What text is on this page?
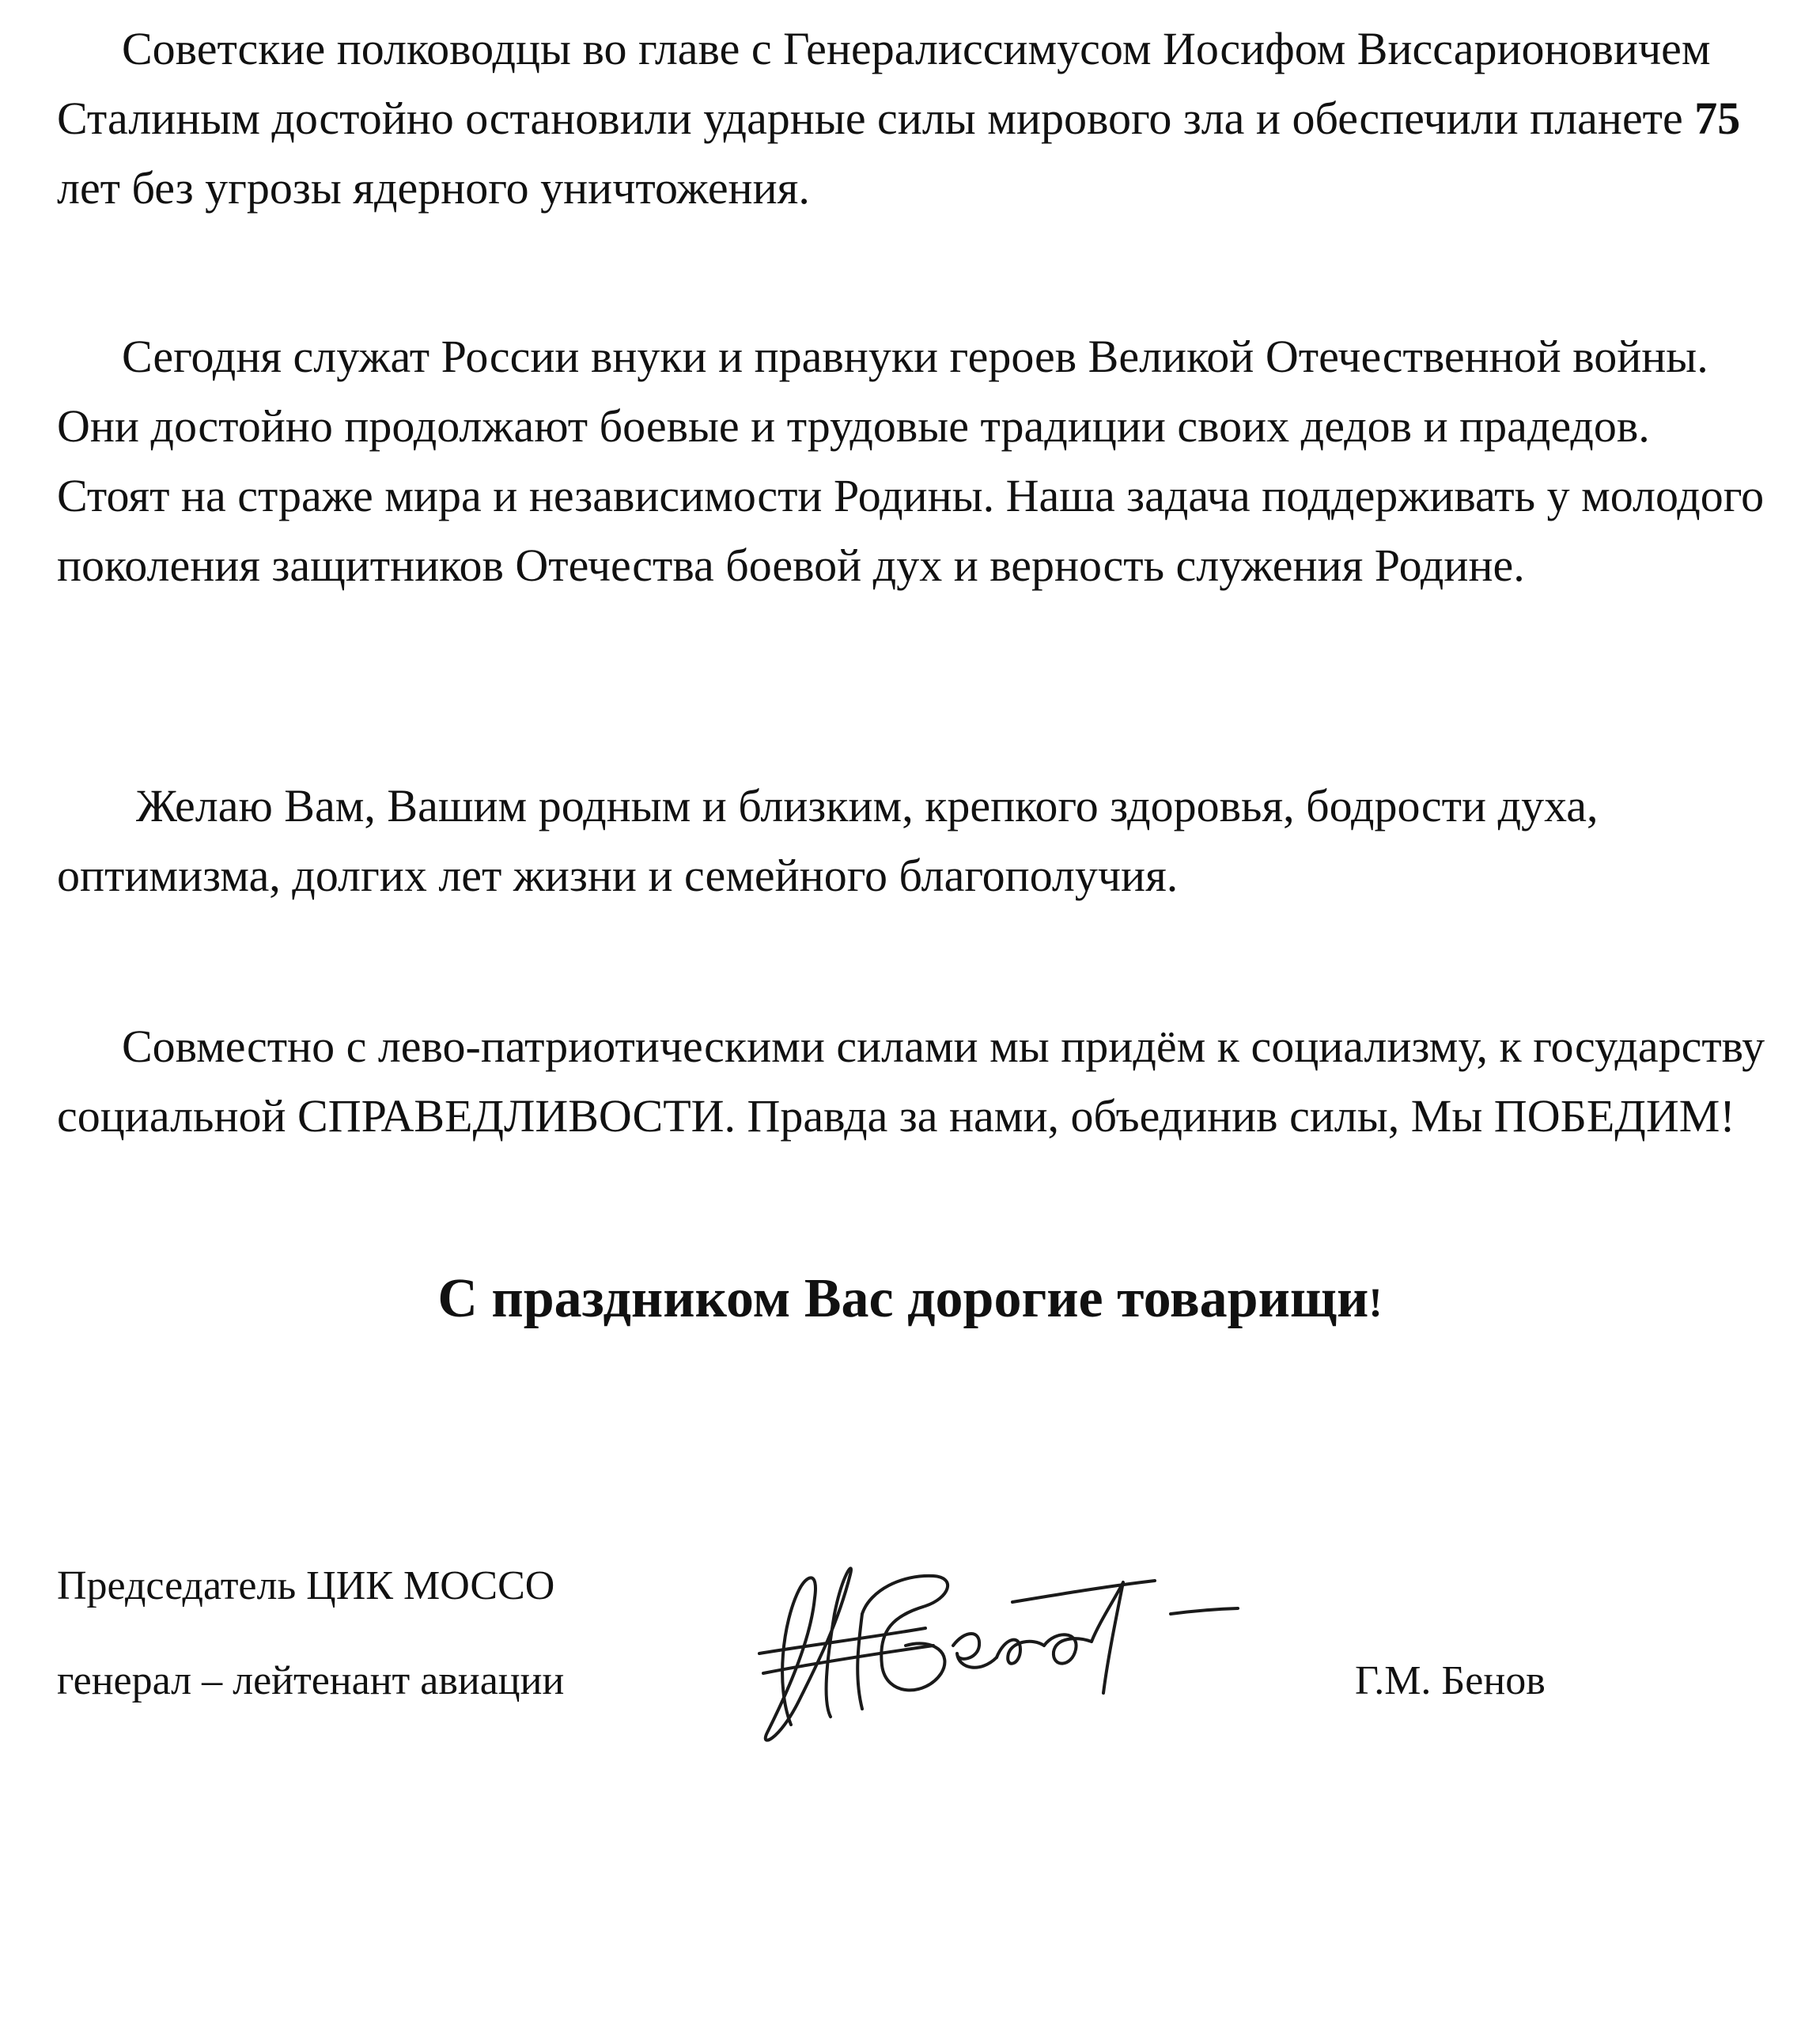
Советские полководцы во главе с Генералиссимусом Иосифом Виссарионовичем Сталиным достойно остановили ударные силы мирового зла и обеспечили планете 75 лет без угрозы ядерного уничтожения.

Сегодня служат России внуки и правнуки героев Великой Отечественной войны. Они достойно продолжают боевые и трудовые традиции своих дедов и прадедов. Стоят на страже мира и независимости Родины. Наша задача поддерживать у молодого поколения защитников Отечества боевой дух и верность служения Родине.

Желаю Вам, Вашим родным и близким, крепкого здоровья, бодрости духа, оптимизма, долгих лет жизни и семейного благополучия.

Совместно с лево-патриотическими силами мы придём к социализму, к государству социальной СПРАВЕДЛИВОСТИ. Правда за нами, объединив силы, Мы ПОБЕДИМ!

С праздником Вас дорогие товарищи!

Председатель ЦИК МОССО

генерал – лейтенант авиации	Г.М. Бенов
